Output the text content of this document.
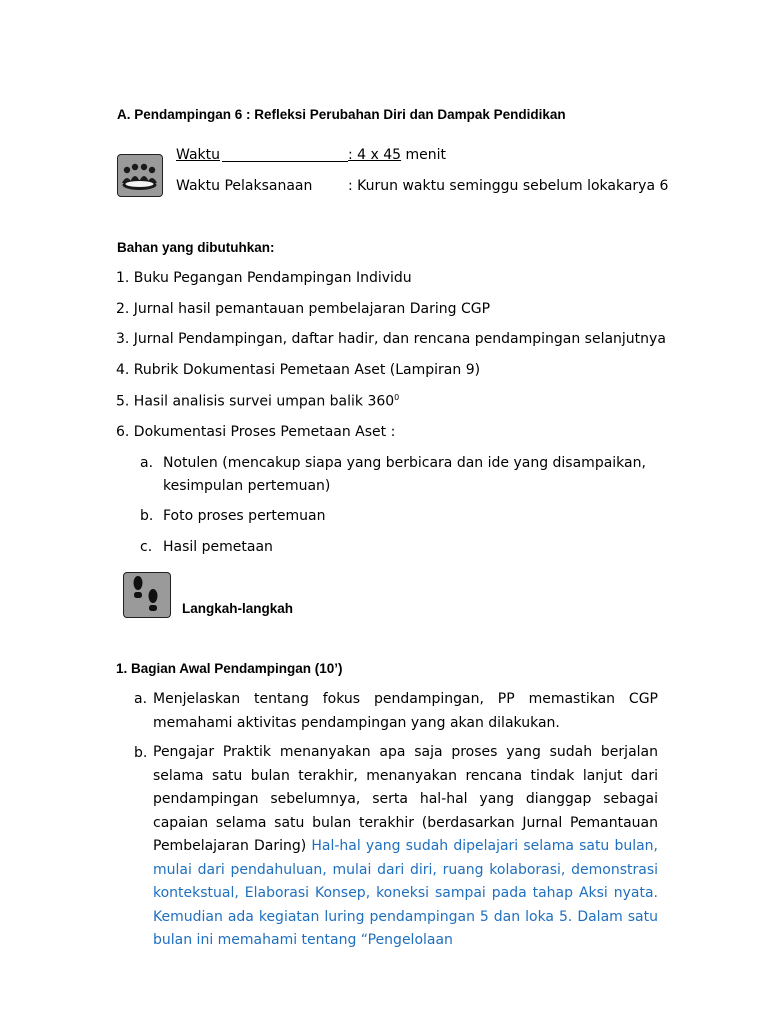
A. Pendampingan 6 : Refleksi Perubahan Diri dan Dampak Pendidikan
Waktu	: 4 x 45 menit
Waktu Pelaksanaan	: Kurun waktu seminggu sebelum lokakarya 6
Bahan yang dibutuhkan:
1. Buku Pegangan Pendampingan Individu
2. Jurnal hasil pemantauan pembelajaran Daring CGP
3. Jurnal Pendampingan, daftar hadir, dan rencana pendampingan selanjutnya
4. Rubrik Dokumentasi Pemetaan Aset (Lampiran 9)
5. Hasil analisis survei umpan balik $360^0$
6. Dokumentasi Proses Pemetaan Aset :
a. Notulen (mencakup siapa yang berbicara dan ide yang disampaikan,
kesimpulan pertemuan)
b. Foto proses pertemuan
c. Hasil pemetaan
Langkah-langkah
1. Bagian Awal Pendampingan (10’)
a. Menjelaskan tentang fokus pendampingan, PP memastikan CGP memahami aktivitas pendampingan yang akan dilakukan.
b. Pengajar Praktik menanyakan apa saja proses yang sudah berjalan selama satu bulan terakhir, menanyakan rencana tindak lanjut dari pendampingan sebelumnya, serta hal-hal yang dianggap sebagai capaian selama satu bulan terakhir (berdasarkan Jurnal Pemantauan Pembelajaran Daring) Hal-hal yang sudah dipelajari selama satu bulan, mulai dari pendahuluan, mulai dari diri, ruang kolaborasi, demonstrasi kontekstual, Elaborasi Konsep, koneksi sampai pada tahap Aksi nyata. Kemudian ada kegiatan luring pendampingan 5 dan loka 5. Dalam satu bulan ini memahami tentang “Pengelolaan
